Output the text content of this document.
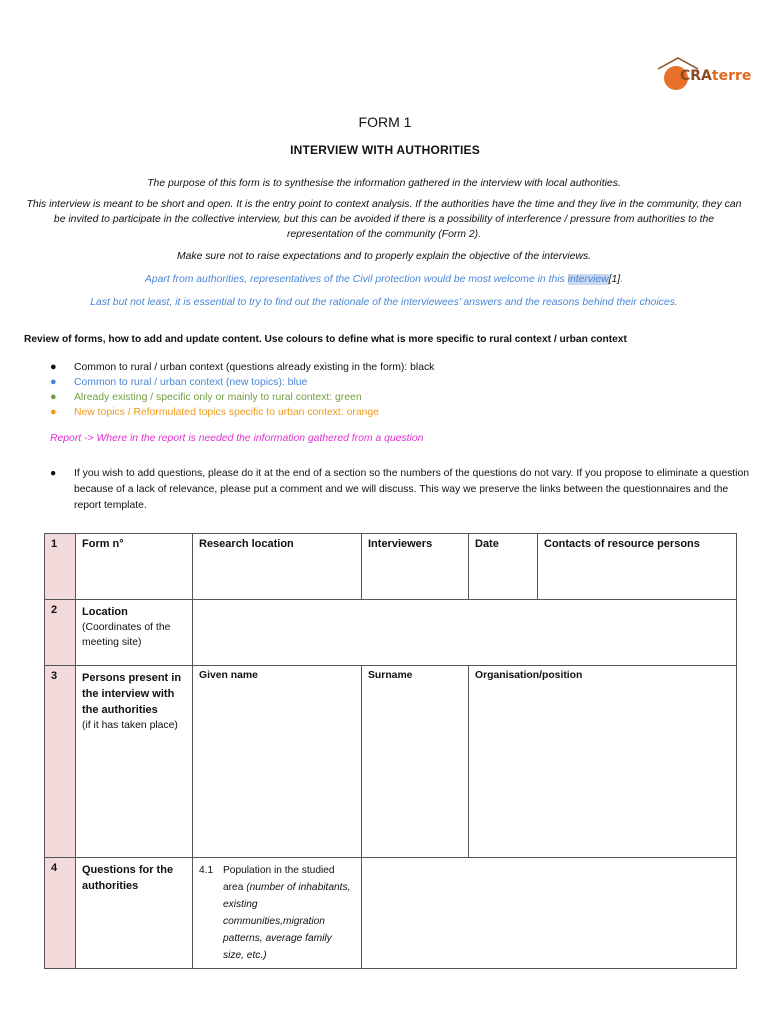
CRAterre
FORM 1
INTERVIEW WITH AUTHORITIES
The purpose of this form is to synthesise the information gathered in the interview with local authorities.
This interview is meant to be short and open. It is the entry point to context analysis. If the authorities have the time and they live in the community, they can be invited to participate in the collective interview, but this can be avoided if there is a possibility of interference / pressure from authorities to the representation of the community (Form 2).
Make sure not to raise expectations and to properly explain the objective of the interviews.
Apart from authorities, representatives of the Civil protection would be most welcome in this interview[1].
Last but not least, it is essential to try to find out the rationale of the interviewees’ answers and the reasons behind their choices.
Review of forms, how to add and update content. Use colours to define what is more specific to rural context / urban context
●	Common to rural / urban context (questions already existing in the form): black
●	Common to rural / urban context (new topics): blue
●	Already existing / specific only or mainly to rural context: green
●	New topics / Reformulated topics specific to urban context: orange
Report -> Where in the report is needed the information gathered from a question
●	If you wish to add questions, please do it at the end of a section so the numbers of the questions do not vary. If you propose to eliminate a question because of a lack of relevance, please put a comment and we will discuss. This way we preserve the links between the questionnaires and the report template.
1	Form n°	Research location	Interviewers	Date	Contacts of resource persons
2	Location
(Coordinates of the meeting site)				

3	Persons present in the interview with the authorities
(if it has taken place)	Given name	Surname	Organisation/position	
4	Questions for the authorities	4.1 Population in the studied area (number of inhabitants, existing communities,migration patterns, average family size, etc.)			
